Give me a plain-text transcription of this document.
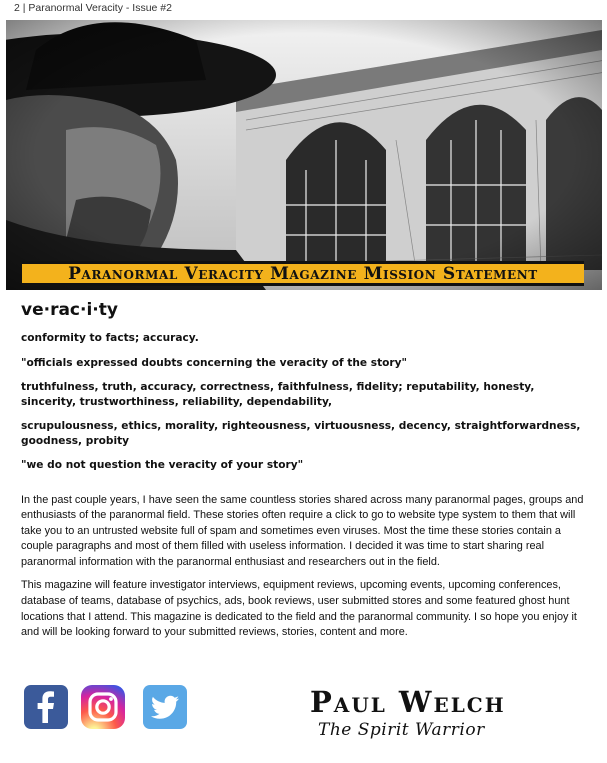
2 | Paranormal Veracity - Issue #2
Paranormal Veracity Magazine Mission Statement

ve·rac·i·ty

conformity to facts; accuracy.

"officials expressed doubts concerning the veracity of the story"

truthfulness, truth, accuracy, correctness, faithfulness, fidelity; reputability, honesty, sincerity, trustworthiness, reliability, dependability,

scrupulousness, ethics, morality, righteousness, virtuousness, decency, straightforwardness, goodness, probity

"we do not question the veracity of your story"

In the past couple years, I have seen the same countless stories shared across many paranormal pages, groups and enthusiasts of the paranormal field. These stories often require a click to go to website type system to them that will take you to an untrusted website full of spam and sometimes even viruses. Most the time these stories contain a couple paragraphs and most of them filled with useless information. I decided it was time to start sharing real paranormal information with the paranormal enthusiast and researchers out in the field.

This magazine will feature investigator interviews, equipment reviews, upcoming events, upcoming conferences, database of teams, database of psychics, ads, book reviews, user submitted stores and some featured ghost hunt locations that I attend. This magazine is dedicated to the field and the paranormal community. I so hope you enjoy it and will be looking forward to your submitted reviews, stories, content and more.

Paul Welch
The Spirit Warrior
